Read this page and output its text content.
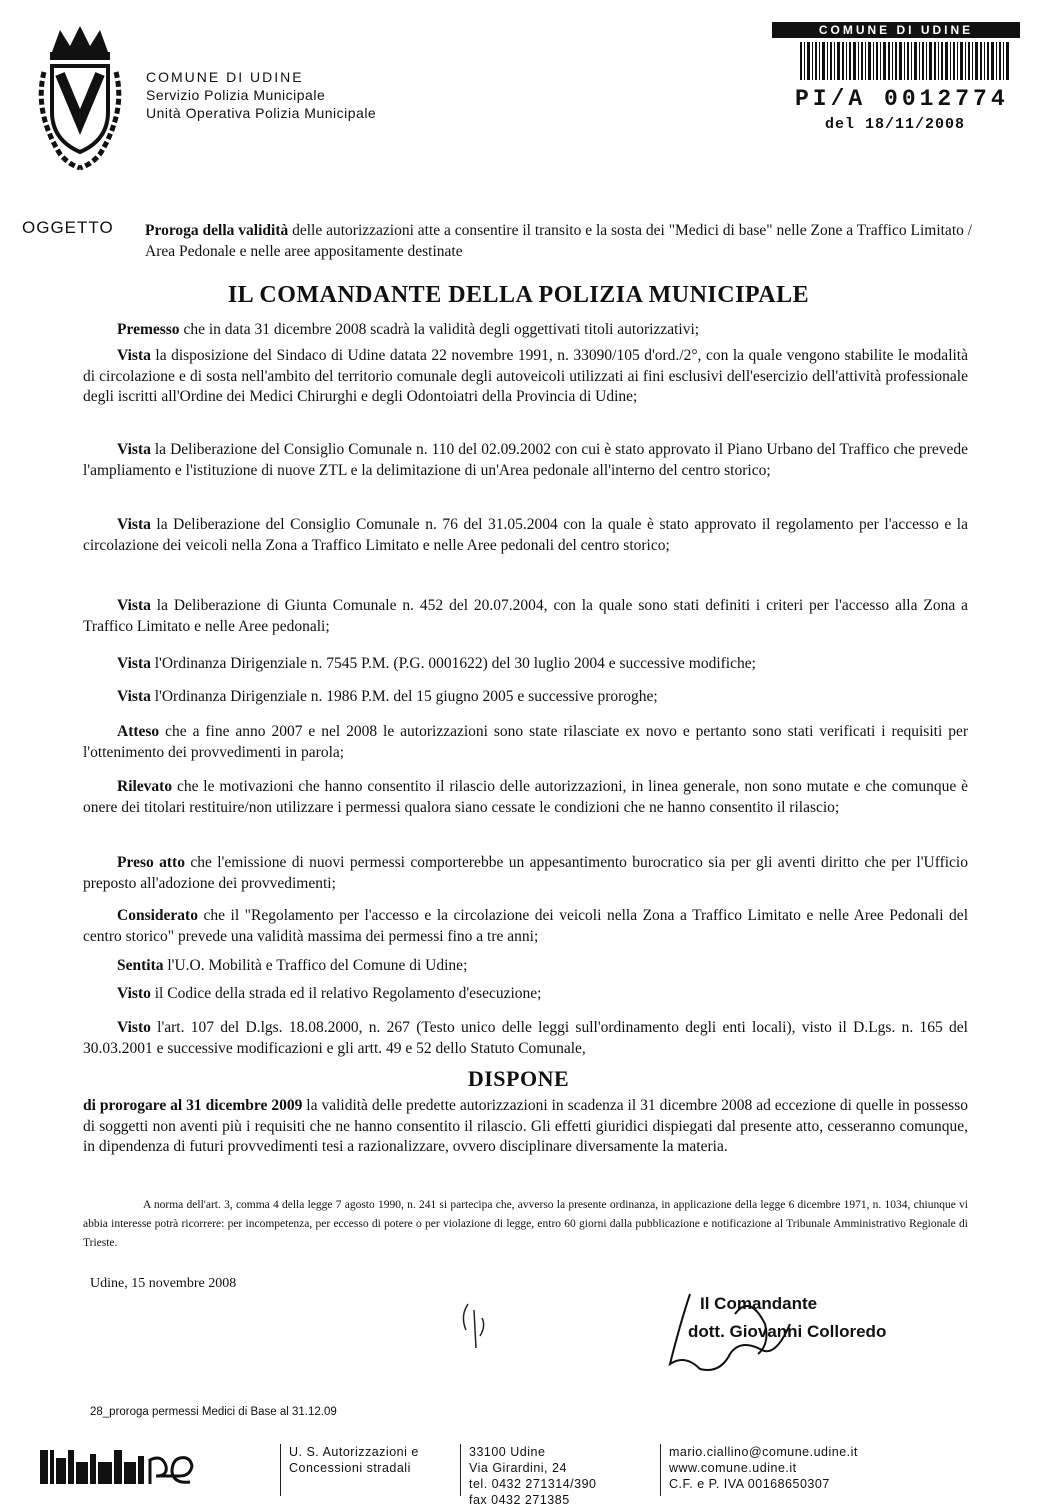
COMUNE DI UDINE
Servizio Polizia Municipale
Unità Operativa Polizia Municipale
COMUNE DI UDINE
PI/A 0012774
del 18/11/2008
OGGETTO Proroga della validità delle autorizzazioni atte a consentire il transito e la sosta dei "Medici di base" nelle Zone a Traffico Limitato / Area Pedonale e nelle aree appositamente destinate
IL COMANDANTE DELLA POLIZIA MUNICIPALE
Premesso che in data 31 dicembre 2008 scadrà la validità degli oggettivati titoli autorizzativi;
Vista la disposizione del Sindaco di Udine datata 22 novembre 1991, n. 33090/105 d'ord./2°, con la quale vengono stabilite le modalità di circolazione e di sosta nell'ambito del territorio comunale degli autoveicoli utilizzati ai fini esclusivi dell'esercizio dell'attività professionale degli iscritti all'Ordine dei Medici Chirurghi e degli Odontoiatri della Provincia di Udine;
Vista la Deliberazione del Consiglio Comunale n. 110 del 02.09.2002 con cui è stato approvato il Piano Urbano del Traffico che prevede l'ampliamento e l'istituzione di nuove ZTL e la delimitazione di un'Area pedonale all'interno del centro storico;
Vista la Deliberazione del Consiglio Comunale n. 76 del 31.05.2004 con la quale è stato approvato il regolamento per l'accesso e la circolazione dei veicoli nella Zona a Traffico Limitato e nelle Aree pedonali del centro storico;
Vista la Deliberazione di Giunta Comunale n. 452 del 20.07.2004, con la quale sono stati definiti i criteri per l'accesso alla Zona a Traffico Limitato e nelle Aree pedonali;
Vista l'Ordinanza Dirigenziale n. 7545 P.M. (P.G. 0001622) del 30 luglio 2004 e successive modifiche;
Vista l'Ordinanza Dirigenziale n. 1986 P.M. del 15 giugno 2005 e successive proroghe;
Atteso che a fine anno 2007 e nel 2008 le autorizzazioni sono state rilasciate ex novo e pertanto sono stati verificati i requisiti per l'ottenimento dei provvedimenti in parola;
Rilevato che le motivazioni che hanno consentito il rilascio delle autorizzazioni, in linea generale, non sono mutate e che comunque è onere dei titolari restituire/non utilizzare i permessi qualora siano cessate le condizioni che ne hanno consentito il rilascio;
Preso atto che l'emissione di nuovi permessi comporterebbe un appesantimento burocratico sia per gli aventi diritto che per l'Ufficio preposto all'adozione dei provvedimenti;
Considerato che il "Regolamento per l'accesso e la circolazione dei veicoli nella Zona a Traffico Limitato e nelle Aree Pedonali del centro storico" prevede una validità massima dei permessi fino a tre anni;
Sentita l'U.O. Mobilità e Traffico del Comune di Udine;
Visto il Codice della strada ed il relativo Regolamento d'esecuzione;
Visto l'art. 107 del D.lgs. 18.08.2000, n. 267 (Testo unico delle leggi sull'ordinamento degli enti locali), visto il D.Lgs. n. 165 del 30.03.2001 e successive modificazioni e gli artt. 49 e 52 dello Statuto Comunale,
DISPONE
di prorogare al 31 dicembre 2009 la validità delle predette autorizzazioni in scadenza il 31 dicembre 2008 ad eccezione di quelle in possesso di soggetti non aventi più i requisiti che ne hanno consentito il rilascio. Gli effetti giuridici dispiegati dal presente atto, cesseranno comunque, in dipendenza di futuri provvedimenti tesi a razionalizzare, ovvero disciplinare diversamente la materia.
A norma dell'art. 3, comma 4 della legge 7 agosto 1990, n. 241 si partecipa che, avverso la presente ordinanza, in applicazione della legge 6 dicembre 1971, n. 1034, chiunque vi abbia interesse potrà ricorrere: per incompetenza, per eccesso di potere o per violazione di legge, entro 60 giorni dalla pubblicazione e notificazione al Tribunale Amministrativo Regionale di Trieste.
Udine, 15 novembre 2008
Il Comandante
dott. Giovanni Colloredo
28_proroga permessi Medici di Base al 31.12.09
U. S. Autorizzazioni e
Concessioni stradali
33100 Udine
Via Girardini, 24
tel. 0432 271314/390
fax 0432 271385
mario.ciallino@comune.udine.it
www.comune.udine.it
C.F. e P. IVA 00168650307
